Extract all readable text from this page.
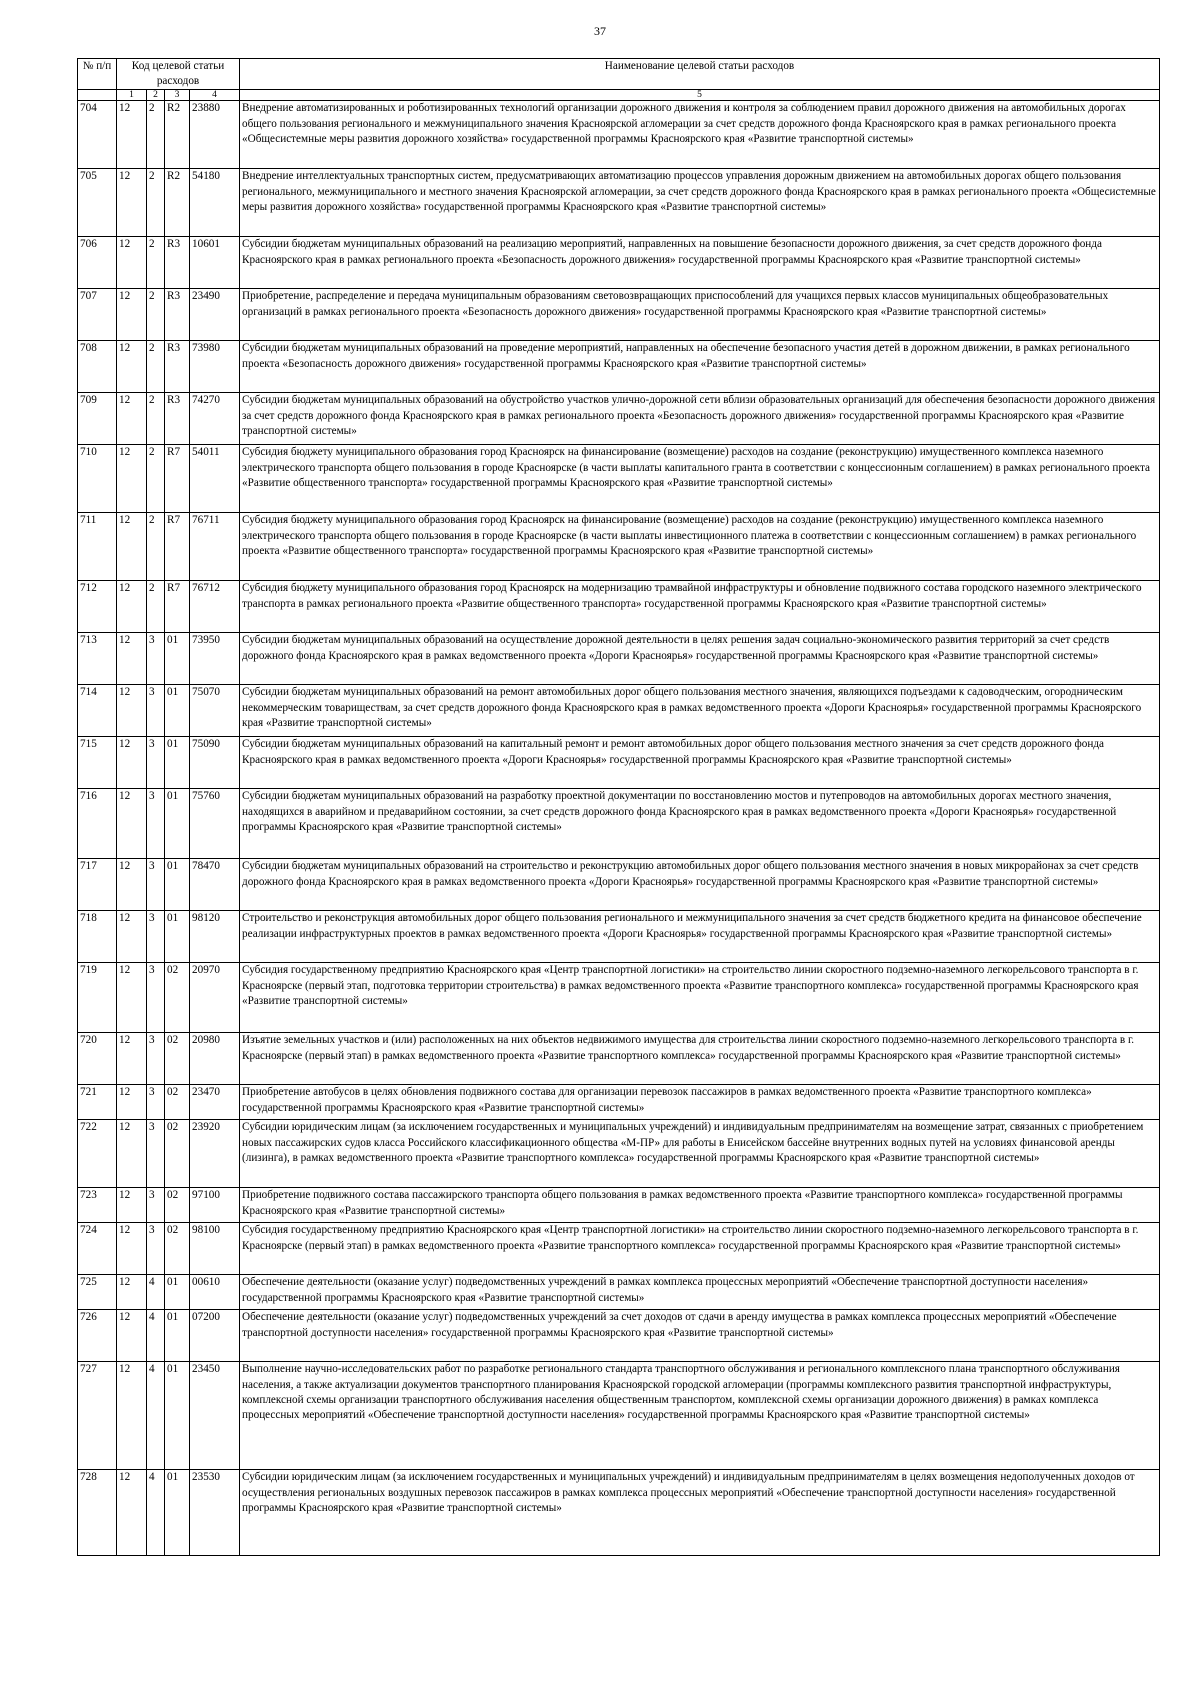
37
№ п/п	Код целевой статьи расходов				Наименование целевой статьи расходов
	1	2	3	4	5
704	12	2	R2	23880	Внедрение автоматизированных и роботизированных технологий организации дорожного движения и контроля за соблюдением правил дорожного движения на автомобильных дорогах общего пользования регионального и межмуниципального значения Красноярской агломерации за счет средств дорожного фонда Красноярского края в рамках регионального проекта «Общесистемные меры развития дорожного хозяйства» государственной программы Красноярского края «Развитие транспортной системы»
705	12	2	R2	54180	Внедрение интеллектуальных транспортных систем, предусматривающих автоматизацию процессов управления дорожным движением на автомобильных дорогах общего пользования регионального, межмуниципального и местного значения Красноярской агломерации, за счет средств дорожного фонда Красноярского края в рамках регионального проекта «Общесистемные меры развития дорожного хозяйства» государственной программы Красноярского края «Развитие транспортной системы»
706	12	2	R3	10601	Субсидии бюджетам муниципальных образований на реализацию мероприятий, направленных на повышение безопасности дорожного движения, за счет средств дорожного фонда Красноярского края в рамках регионального проекта «Безопасность дорожного движения» государственной программы Красноярского края «Развитие транспортной системы»
707	12	2	R3	23490	Приобретение, распределение и передача муниципальным образованиям световозвращающих приспособлений для учащихся первых классов муниципальных общеобразовательных организаций в рамках регионального проекта «Безопасность дорожного движения» государственной программы Красноярского края «Развитие транспортной системы»
708	12	2	R3	73980	Субсидии бюджетам муниципальных образований на проведение мероприятий, направленных на обеспечение безопасного участия детей в дорожном движении, в рамках регионального проекта «Безопасность дорожного движения» государственной программы Красноярского края «Развитие транспортной системы»
709	12	2	R3	74270	Субсидии бюджетам муниципальных образований на обустройство участков улично-дорожной сети вблизи образовательных организаций для обеспечения безопасности дорожного движения за счет средств дорожного фонда Красноярского края в рамках регионального проекта «Безопасность дорожного движения» государственной программы Красноярского края «Развитие транспортной системы»
710	12	2	R7	54011	Субсидия бюджету муниципального образования город Красноярск на финансирование (возмещение) расходов на создание (реконструкцию) имущественного комплекса наземного электрического транспорта общего пользования в городе Красноярске (в части выплаты капитального гранта в соответствии с концессионным соглашением) в рамках регионального проекта «Развитие общественного транспорта» государственной программы Красноярского края «Развитие транспортной системы»
711	12	2	R7	76711	Субсидия бюджету муниципального образования город Красноярск на финансирование (возмещение) расходов на создание (реконструкцию) имущественного комплекса наземного электрического транспорта общего пользования в городе Красноярске (в части выплаты инвестиционного платежа в соответствии с концессионным соглашением) в рамках регионального проекта «Развитие общественного транспорта» государственной программы Красноярского края «Развитие транспортной системы»
712	12	2	R7	76712	Субсидия бюджету муниципального образования город Красноярск на модернизацию трамвайной инфраструктуры и обновление подвижного состава городского наземного электрического транспорта в рамках регионального проекта «Развитие общественного транспорта» государственной программы Красноярского края «Развитие транспортной системы»
713	12	3	01	73950	Субсидии бюджетам муниципальных образований на осуществление дорожной деятельности в целях решения задач социально-экономического развития территорий за счет средств дорожного фонда Красноярского края в рамках ведомственного проекта «Дороги Красноярья» государственной программы Красноярского края «Развитие транспортной системы»
714	12	3	01	75070	Субсидии бюджетам муниципальных образований на ремонт автомобильных дорог общего пользования местного значения, являющихся подъездами к садоводческим, огородническим некоммерческим товариществам, за счет средств дорожного фонда Красноярского края в рамках ведомственного проекта «Дороги Красноярья» государственной программы Красноярского края «Развитие транспортной системы»
715	12	3	01	75090	Субсидии бюджетам муниципальных образований на капитальный ремонт и ремонт автомобильных дорог общего пользования местного значения за счет средств дорожного фонда Красноярского края в рамках ведомственного проекта «Дороги Красноярья» государственной программы Красноярского края «Развитие транспортной системы»
716	12	3	01	75760	Субсидии бюджетам муниципальных образований на разработку проектной документации по восстановлению мостов и путепроводов на автомобильных дорогах местного значения, находящихся в аварийном и предаварийном состоянии, за счет средств дорожного фонда Красноярского края в рамках ведомственного проекта «Дороги Красноярья» государственной программы Красноярского края «Развитие транспортной системы»
717	12	3	01	78470	Субсидии бюджетам муниципальных образований на строительство и реконструкцию автомобильных дорог общего пользования местного значения в новых микрорайонах за счет средств дорожного фонда Красноярского края в рамках ведомственного проекта «Дороги Красноярья» государственной программы Красноярского края «Развитие транспортной системы»
718	12	3	01	98120	Строительство и реконструкция автомобильных дорог общего пользования регионального и межмуниципального значения за счет средств бюджетного кредита на финансовое обеспечение реализации инфраструктурных проектов в рамках ведомственного проекта «Дороги Красноярья» государственной программы Красноярского края «Развитие транспортной системы»
719	12	3	02	20970	Субсидия государственному предприятию Красноярского края «Центр транспортной логистики» на строительство линии скоростного подземно-наземного легкорельсового транспорта в г. Красноярске (первый этап, подготовка территории строительства) в рамках ведомственного проекта «Развитие транспортного комплекса» государственной программы Красноярского края «Развитие транспортной системы»
720	12	3	02	20980	Изъятие земельных участков и (или) расположенных на них объектов недвижимого имущества для строительства линии скоростного подземно-наземного легкорельсового транспорта в г. Красноярске (первый этап) в рамках ведомственного проекта «Развитие транспортного комплекса» государственной программы Красноярского края «Развитие транспортной системы»
721	12	3	02	23470	Приобретение автобусов в целях обновления подвижного состава для организации перевозок пассажиров в рамках ведомственного проекта «Развитие транспортного комплекса» государственной программы Красноярского края «Развитие транспортной системы»
722	12	3	02	23920	Субсидии юридическим лицам (за исключением государственных и муниципальных учреждений) и индивидуальным предпринимателям на возмещение затрат, связанных с приобретением новых пассажирских судов класса Российского классификационного общества «М-ПР» для работы в Енисейском бассейне внутренних водных путей на условиях финансовой аренды (лизинга), в рамках ведомственного проекта «Развитие транспортного комплекса» государственной программы Красноярского края «Развитие транспортной системы»
723	12	3	02	97100	Приобретение подвижного состава пассажирского транспорта общего пользования в рамках ведомственного проекта «Развитие транспортного комплекса» государственной программы Красноярского края «Развитие транспортной системы»
724	12	3	02	98100	Субсидия государственному предприятию Красноярского края «Центр транспортной логистики» на строительство линии скоростного подземно-наземного легкорельсового транспорта в г. Красноярске (первый этап) в рамках ведомственного проекта «Развитие транспортного комплекса» государственной программы Красноярского края «Развитие транспортной системы»
725	12	4	01	00610	Обеспечение деятельности (оказание услуг) подведомственных учреждений в рамках комплекса процессных мероприятий «Обеспечение транспортной доступности населения» государственной программы Красноярского края «Развитие транспортной системы»
726	12	4	01	07200	Обеспечение деятельности (оказание услуг) подведомственных учреждений за счет доходов от сдачи в аренду имущества в рамках комплекса процессных мероприятий «Обеспечение транспортной доступности населения» государственной программы Красноярского края «Развитие транспортной системы»
727	12	4	01	23450	Выполнение научно-исследовательских работ по разработке регионального стандарта транспортного обслуживания и регионального комплексного плана транспортного обслуживания населения, а также актуализации документов транспортного планирования Красноярской городской агломерации (программы комплексного развития транспортной инфраструктуры, комплексной схемы организации транспортного обслуживания населения общественным транспортом, комплексной схемы организации дорожного движения) в рамках комплекса процессных мероприятий «Обеспечение транспортной доступности населения» государственной программы Красноярского края «Развитие транспортной системы»
728	12	4	01	23530	Субсидии юридическим лицам (за исключением государственных и муниципальных учреждений) и индивидуальным предпринимателям в целях возмещения недополученных доходов от осуществления региональных воздушных перевозок пассажиров в рамках комплекса процессных мероприятий «Обеспечение транспортной доступности населения» государственной программы Красноярского края «Развитие транспортной системы»
